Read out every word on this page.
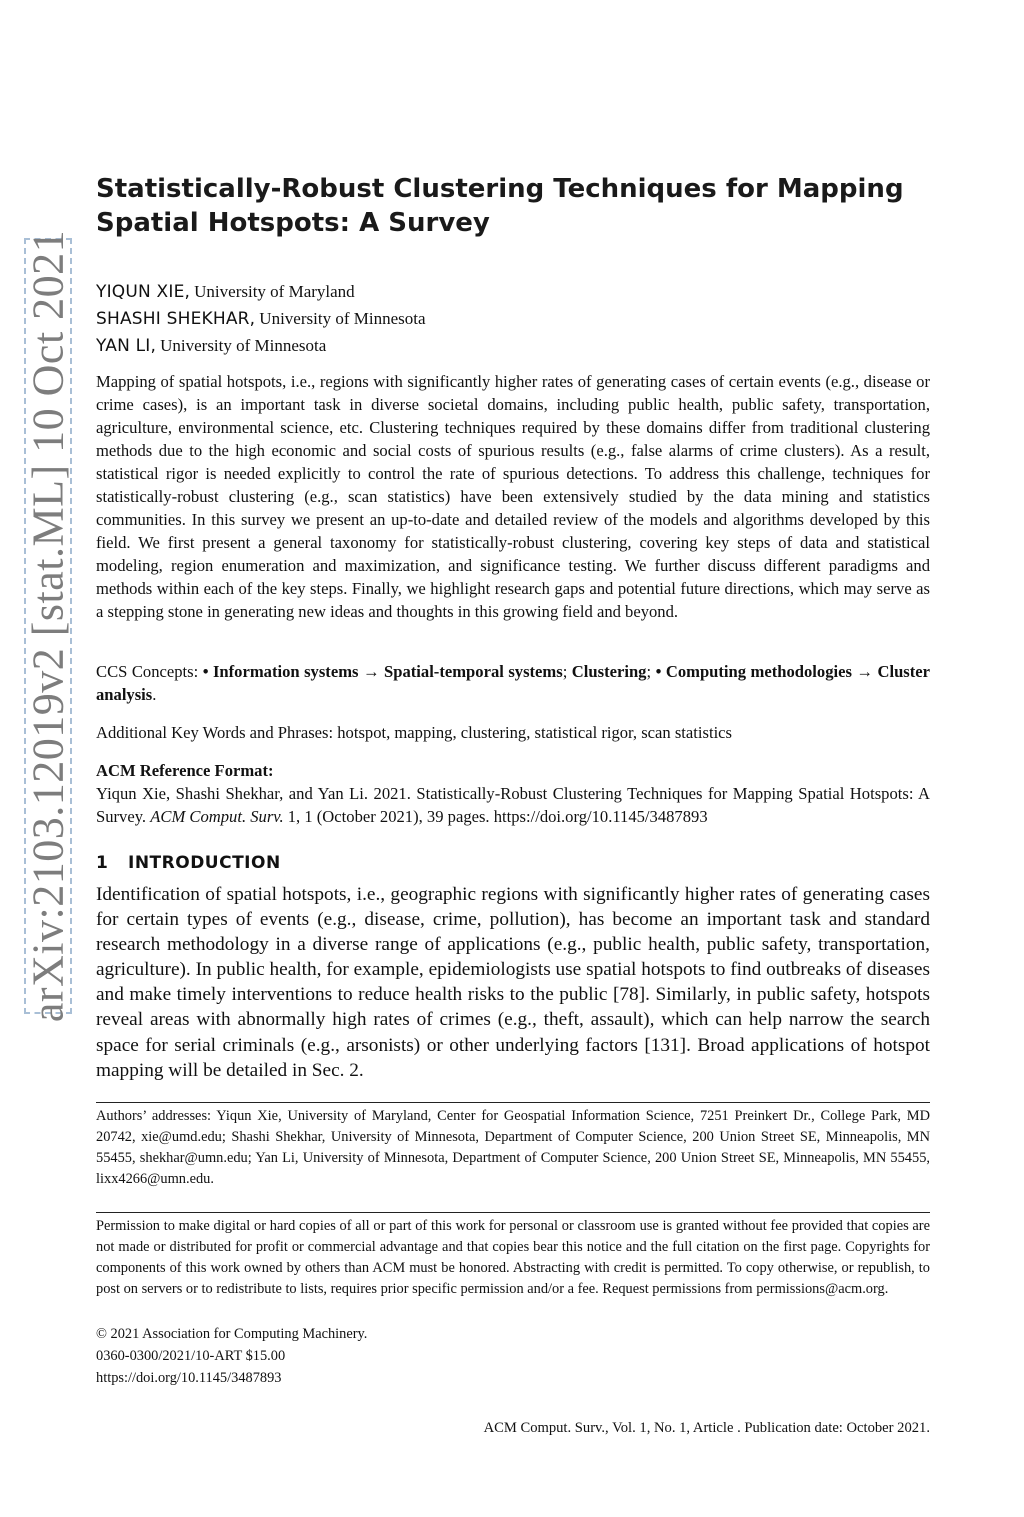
arXiv:2103.12019v2 [stat.ML] 10 Oct 2021
Statistically-Robust Clustering Techniques for Mapping Spatial Hotspots: A Survey
YIQUN XIE, University of Maryland
SHASHI SHEKHAR, University of Minnesota
YAN LI, University of Minnesota

Mapping of spatial hotspots, i.e., regions with significantly higher rates of generating cases of certain events (e.g., disease or crime cases), is an important task in diverse societal domains, including public health, public safety, transportation, agriculture, environmental science, etc. Clustering techniques required by these domains differ from traditional clustering methods due to the high economic and social costs of spurious results (e.g., false alarms of crime clusters). As a result, statistical rigor is needed explicitly to control the rate of spurious detections. To address this challenge, techniques for statistically-robust clustering (e.g., scan statistics) have been extensively studied by the data mining and statistics communities. In this survey we present an up-to-date and detailed review of the models and algorithms developed by this field. We first present a general taxonomy for statistically-robust clustering, covering key steps of data and statistical modeling, region enumeration and maximization, and significance testing. We further discuss different paradigms and methods within each of the key steps. Finally, we highlight research gaps and potential future directions, which may serve as a stepping stone in generating new ideas and thoughts in this growing field and beyond.

CCS Concepts: • Information systems → Spatial-temporal systems; Clustering; • Computing methodologies → Cluster analysis.

Additional Key Words and Phrases: hotspot, mapping, clustering, statistical rigor, scan statistics

ACM Reference Format:

Yiqun Xie, Shashi Shekhar, and Yan Li. 2021. Statistically-Robust Clustering Techniques for Mapping Spatial Hotspots: A Survey. ACM Comput. Surv. 1, 1 (October 2021), 39 pages. https://doi.org/10.1145/3487893

1 INTRODUCTION

Identification of spatial hotspots, i.e., geographic regions with significantly higher rates of generating cases for certain types of events (e.g., disease, crime, pollution), has become an important task and standard research methodology in a diverse range of applications (e.g., public health, public safety, transportation, agriculture). In public health, for example, epidemiologists use spatial hotspots to find outbreaks of diseases and make timely interventions to reduce health risks to the public [78]. Similarly, in public safety, hotspots reveal areas with abnormally high rates of crimes (e.g., theft, assault), which can help narrow the search space for serial criminals (e.g., arsonists) or other underlying factors [131]. Broad applications of hotspot mapping will be detailed in Sec. 2.

Authors’ addresses: Yiqun Xie, University of Maryland, Center for Geospatial Information Science, 7251 Preinkert Dr., College Park, MD 20742, xie@umd.edu; Shashi Shekhar, University of Minnesota, Department of Computer Science, 200 Union Street SE, Minneapolis, MN 55455, shekhar@umn.edu; Yan Li, University of Minnesota, Department of Computer Science, 200 Union Street SE, Minneapolis, MN 55455, lixx4266@umn.edu.

Permission to make digital or hard copies of all or part of this work for personal or classroom use is granted without fee provided that copies are not made or distributed for profit or commercial advantage and that copies bear this notice and the full citation on the first page. Copyrights for components of this work owned by others than ACM must be honored. Abstracting with credit is permitted. To copy otherwise, or republish, to post on servers or to redistribute to lists, requires prior specific permission and/or a fee. Request permissions from permissions@acm.org.

© 2021 Association for Computing Machinery.
0360-0300/2021/10-ART $15.00
https://doi.org/10.1145/3487893
ACM Comput. Surv., Vol. 1, No. 1, Article . Publication date: October 2021.
